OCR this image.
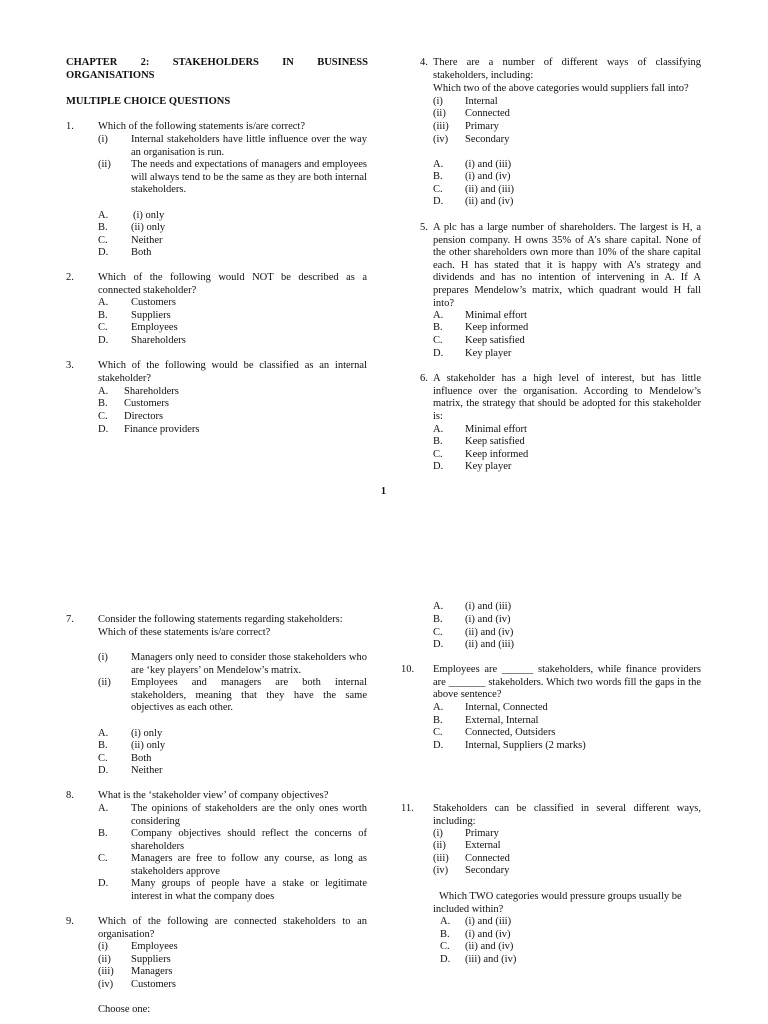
CHAPTER 2: STAKEHOLDERS IN BUSINESS
ORGANISATIONS
MULTIPLE CHOICE QUESTIONS
1. Which of the following statements is/are correct?
(i) Internal stakeholders have little influence over the way an organisation is run.
(ii) The needs and expectations of managers and employees will always tend to be the same as they are both internal stakeholders.
A. (i) only
B. (ii) only
C. Neither
D. Both
2. Which of the following would NOT be described as a connected stakeholder?
A. Customers
B. Suppliers
C. Employees
D. Shareholders
3. Which of the following would be classified as an internal stakeholder?
A. Shareholders
B. Customers
C. Directors
D. Finance providers
4. There are a number of different ways of classifying stakeholders, including:
Which two of the above categories would suppliers fall into?
(i) Internal
(ii) Connected
(iii) Primary
(iv) Secondary
A. (i) and (iii)
B. (i) and (iv)
C. (ii) and (iii)
D. (ii) and (iv)
5. A plc has a large number of shareholders. The largest is H, a pension company. H owns 35% of A’s share capital. None of the other shareholders own more than 10% of the share capital each. H has stated that it is happy with A’s strategy and dividends and has no intention of intervening in A. If A prepares Mendelow’s matrix, which quadrant would H fall into?
A. Minimal effort
B. Keep informed
C. Keep satisfied
D. Key player
6. A stakeholder has a high level of interest, but has little influence over the organisation. According to Mendelow’s matrix, the strategy that should be adopted for this stakeholder is:
A. Minimal effort
B. Keep satisfied
C. Keep informed
D. Key player
1
7. Consider the following statements regarding stakeholders:
Which of these statements is/are correct?
(i) Managers only need to consider those stakeholders who are ‘key players’ on Mendelow’s matrix.
(ii) Employees and managers are both internal stakeholders, meaning that they have the same objectives as each other.
A. (i) only
B. (ii) only
C. Both
D. Neither
8. What is the ‘stakeholder view’ of company objectives?
A. The opinions of stakeholders are the only ones worth considering
B. Company objectives should reflect the concerns of shareholders
C. Managers are free to follow any course, as long as stakeholders approve
D. Many groups of people have a stake or legitimate interest in what the company does
9. Which of the following are connected stakeholders to an organisation?
(i) Employees
(ii) Suppliers
(iii) Managers
(iv) Customers
Choose one:
A. (i) and (iii)
B. (i) and (iv)
C. (ii) and (iv)
D. (ii) and (iii)
10. Employees are ______ stakeholders, while finance providers are _______ stakeholders. Which two words fill the gaps in the above sentence?
A. Internal, Connected
B. External, Internal
C. Connected, Outsiders
D. Internal, Suppliers (2 marks)
11. Stakeholders can be classified in several different ways, including:
(i) Primary
(ii) External
(iii) Connected
(iv) Secondary
Which TWO categories would pressure groups usually be included within?
A. (i) and (iii)
B. (i) and (iv)
C. (ii) and (iv)
D. (iii) and (iv)
